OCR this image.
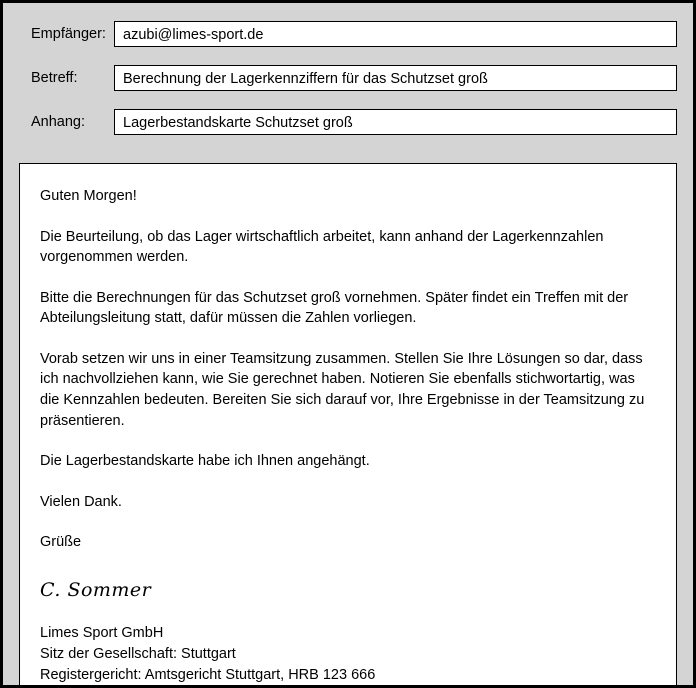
Empfänger:	azubi@limes-sport.de
Betreff:	Berechnung der Lagerkennziffern für das Schutzset groß
Anhang:	Lagerbestandskarte Schutzset groß

Guten Morgen!

Die Beurteilung, ob das Lager wirtschaftlich arbeitet, kann anhand der Lagerkennzahlen vorgenommen werden.

Bitte die Berechnungen für das Schutzset groß vornehmen. Später findet ein Treffen mit der Abteilungsleitung statt, dafür müssen die Zahlen vorliegen.

Vorab setzen wir uns in einer Teamsitzung zusammen. Stellen Sie Ihre Lösungen so dar, dass ich nachvollziehen kann, wie Sie gerechnet haben. Notieren Sie ebenfalls stichwortartig, was die Kennzahlen bedeuten. Bereiten Sie sich darauf vor, Ihre Ergebnisse in der Teamsitzung zu präsentieren.

Die Lagerbestandskarte habe ich Ihnen angehängt.

Vielen Dank.

Grüße

C. Sommer
Limes Sport GmbH
Sitz der Gesellschaft: Stuttgart
Registergericht: Amtsgericht Stuttgart, HRB 123 666
